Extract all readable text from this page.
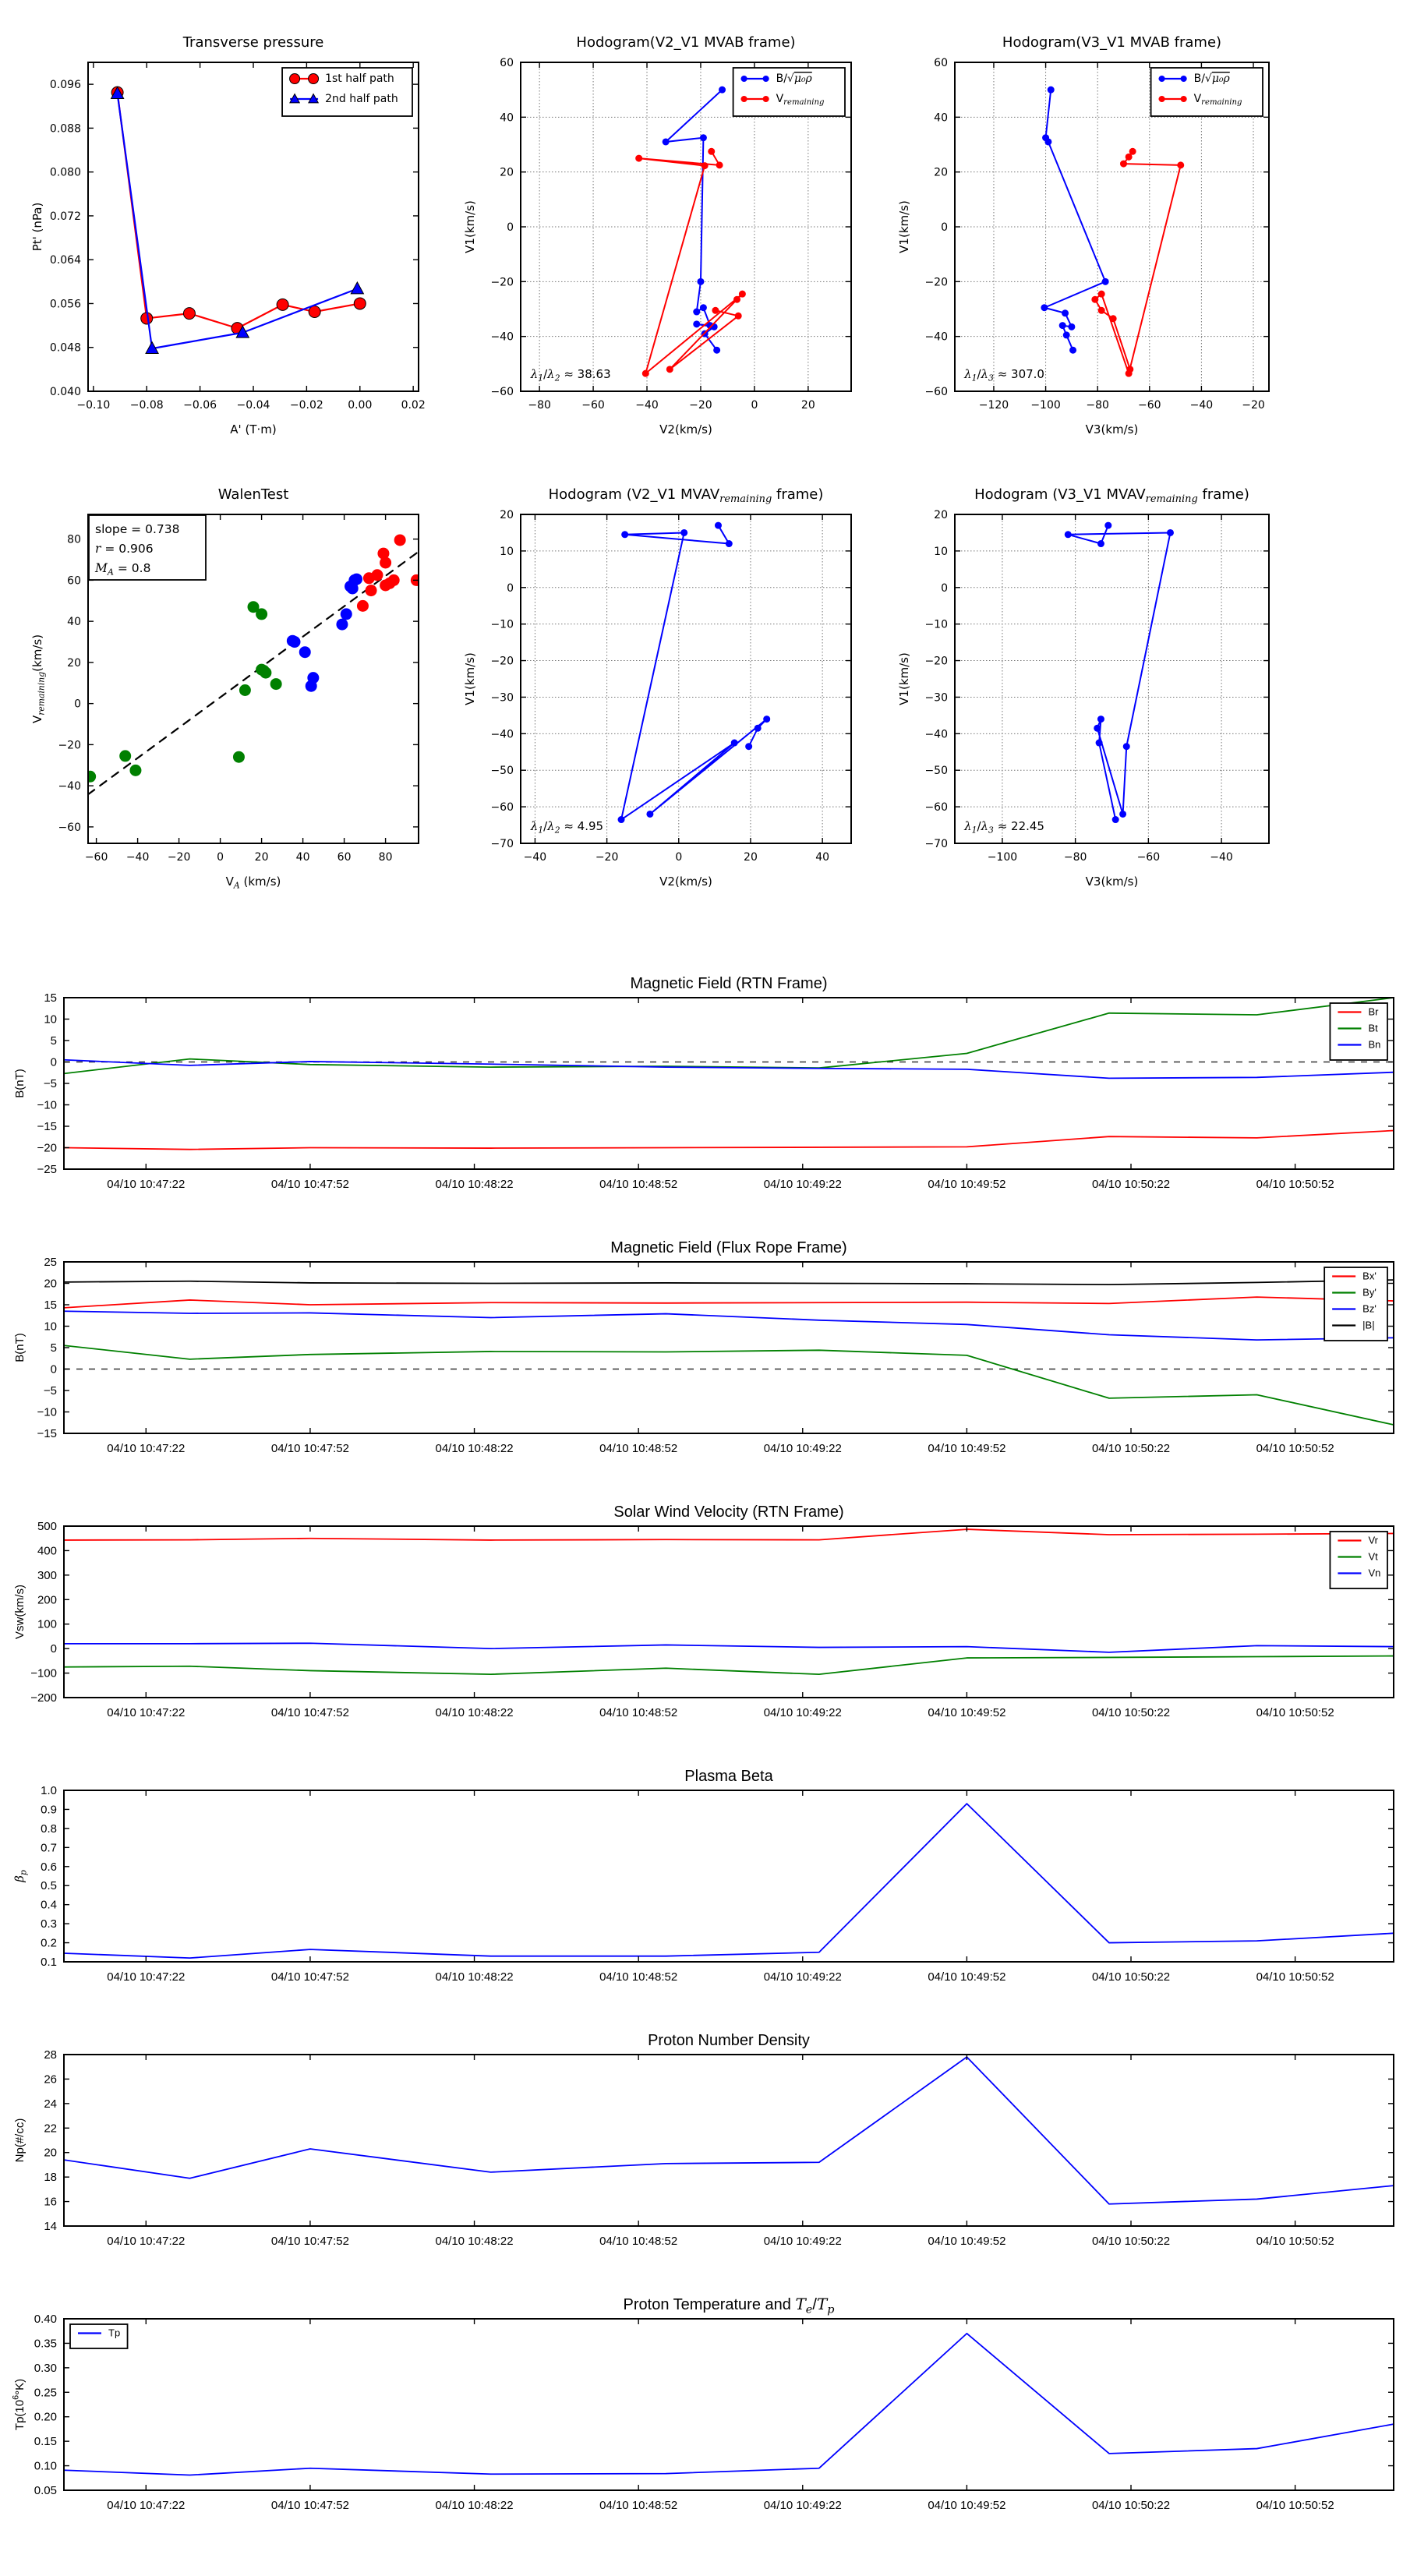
−0.10 −0.08 −0.06 −0.04 −0.02 0.00	0.02
0.040
0.048
0.056
0.064
0.072
0.080
0.088
0.096
Transverse pressure
A' (T·m)
Pt' (nPa)
1st half path
2nd half path
−80	−60	−40	−20	0	20
−60
−40
−20
0
20
40
60
Hodogram(V2_V1 MVAB frame)
V2(km/s)
V1(km/s)
$\lambda_1/\lambda_2 \approx 38.63$
B/√μ₀ρ
$V_{remaining}$
−120 −100 −80	−60	−40	−20
−60
−40
−20
0
20
40
60
Hodogram(V3_V1 MVAB frame)
V3(km/s)
V1(km/s)
$\lambda_1/\lambda_3 \approx 307.0$
B/√μ₀ρ
$V_{remaining}$
−60 −40 −20 0	20	40	60	80
−60
−40
−20
0
20
40
60
80
WalenTest
$V_A$ (km/s)
$V_{remaining}(km/s)$
slope = 0.738
r = 0.906
$M_A = 0.8$
−40	−20	0	20	40
−70
−60
−50
−40
−30
−20
−10
0
10
20
Hodogram (V2_V1 $MVAV_{remaining}$ frame)
V2(km/s)
V1(km/s)
$\lambda_1/\lambda_2 \approx 4.95$
−100	−80	−60	−40
−70
−60
−50
−40
−30
−20
−10
0
10
20
Hodogram (V3_V1 $MVAV_{remaining}$ frame)
V3(km/s)
V1(km/s)
$\lambda_1/\lambda_3 \approx 22.45$
04/10 10:47:22	04/10 10:47:52	04/10 10:48:22	04/10 10:48:52	04/10 10:49:22	04/10 10:49:52	04/10 10:50:22	04/10 10:50:52
−25
−20
−15
−10
−5
0
5
10
15
Magnetic Field (RTN Frame)
B(nT)
Br
Bt
Bn
04/10 10:47:22	04/10 10:47:52	04/10 10:48:22	04/10 10:48:52	04/10 10:49:22	04/10 10:49:52	04/10 10:50:22	04/10 10:50:52
−15
−10
−5
0
5
10
15
20
25
Magnetic Field (Flux Rope Frame)
B(nT)
Bx'
By'
Bz'
|B|
04/10 10:47:22	04/10 10:47:52	04/10 10:48:22	04/10 10:48:52	04/10 10:49:22	04/10 10:49:52	04/10 10:50:22	04/10 10:50:52
−200
−100
0
100
200
300
400
500
Solar Wind Velocity (RTN Frame)
Vsw(km/s)
Vr
Vt
Vn
04/10 10:47:22	04/10 10:47:52	04/10 10:48:22	04/10 10:48:52	04/10 10:49:22	04/10 10:49:52	04/10 10:50:22	04/10 10:50:52
0.1
0.2
0.3
0.4
0.5
0.6
0.7
0.8
0.9
1.0
Plasma Beta
$\beta_p$
04/10 10:47:22	04/10 10:47:52	04/10 10:48:22	04/10 10:48:52	04/10 10:49:22	04/10 10:49:52	04/10 10:50:22	04/10 10:50:52
14
16
18
20
22
24
26
28
Proton Number Density
Np(#/cc)
04/10 10:47:22	04/10 10:47:52	04/10 10:48:22	04/10 10:48:52	04/10 10:49:22	04/10 10:49:52	04/10 10:50:22	04/10 10:50:52
0.05
0.10
0.15
0.20
0.25
0.30
0.35
0.40
Proton Temperature and $T_e/T_p$
$Tp(10^6^\circ K)$
Tp
